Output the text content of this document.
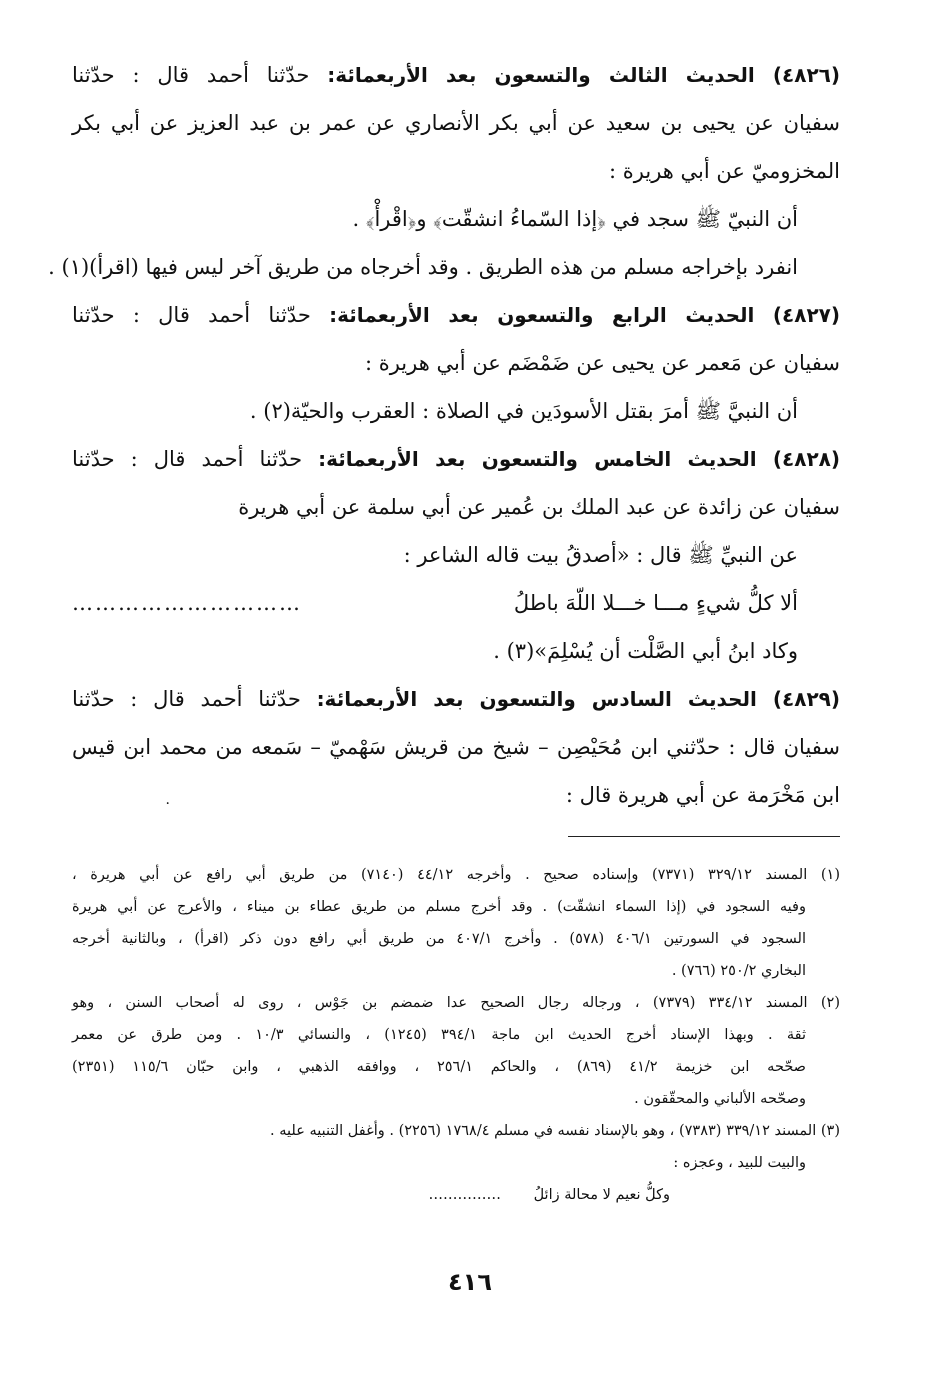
(٤٨٢٦) الحديث الثالث والتسعون بعد الأربعمائة: حدّثنا أحمد قال : حدّثنا
سفيان عن يحيى بن سعيد عن أبي بكر الأنصاري عن عمر بن عبد العزيز عن أبي بكر
المخزوميّ عن أبي هريرة :
أن النبيّ ﷺ سجد في ﴿إذا السّماءُ انشقّت﴾ و﴿اقْرأْ﴾ .
انفرد بإخراجه مسلم من هذه الطريق . وقد أخرجاه من طريق آخر ليس فيها (اقرأ)(١) .
(٤٨٢٧) الحديث الرابع والتسعون بعد الأربعمائة: حدّثنا أحمد قال : حدّثنا
سفيان عن مَعمر عن يحيى عن ضَمْضَم عن أبي هريرة :
أن النبيَّ ﷺ أمرَ بقتل الأسودَين في الصلاة : العقرب والحيّة(٢) .
(٤٨٢٨) الحديث الخامس والتسعون بعد الأربعمائة: حدّثنا أحمد قال : حدّثنا
سفيان عن زائدة عن عبد الملك بن عُمير عن أبي سلمة عن أبي هريرة
عن النبيِّ ﷺ قال : «أصدقُ بيت قاله الشاعر :
ألا كلُّ شيءٍ مـــا خـــلا اللّهَ باطلُ
…………………………
وكاد ابنُ أبي الصَّلْت أن يُسْلِمَ»(٣) .
(٤٨٢٩) الحديث السادس والتسعون بعد الأربعمائة: حدّثنا أحمد قال : حدّثنا
سفيان قال : حدّثني ابن مُحَيْصِن – شيخ من قريش سَهْميّ – سَمعه من محمد ابن قيس
ابن مَخْرَمة عن أبي هريرة قال :
(١) المسند ٣٢٩/١٢ (٧٣٧١) وإسناده صحيح . وأخرجه ٤٤/١٢ (٧١٤٠) من طريق أبي رافع عن أبي هريرة ،
وفيه السجود في (إذا السماء انشقّت) . وقد أخرج مسلم من طريق عطاء بن ميناء ، والأعرج عن أبي هريرة
السجود في السورتين ٤٠٦/١ (٥٧٨) . وأخرج ٤٠٧/١ من طريق أبي رافع دون ذكر (اقرأ) ، وبالثانية أخرجه
البخاري ٢٥٠/٢ (٧٦٦) .
(٢) المسند ٣٣٤/١٢ (٧٣٧٩) ، ورجاله رجال الصحيح عدا ضمضم بن جَوْس ، روى له أصحاب السنن ، وهو
ثقة . وبهذا الإسناد أخرج الحديث ابن ماجة ٣٩٤/١ (١٢٤٥) ، والنسائي ١٠/٣ . ومن طرق عن معمر
صحّحه ابن خزيمة ٤١/٢ (٨٦٩) ، والحاكم ٢٥٦/١ ، ووافقه الذهبي ، وابن حبّان ١١٥/٦ (٢٣٥١)
وصحّحه الألباني والمحقّقون .
(٣) المسند ٣٣٩/١٢ (٧٣٨٣) ، وهو بالإسناد نفسه في مسلم ١٧٦٨/٤ (٢٢٥٦) . وأغفل التنبيه عليه .
والبيت للبيد ، وعجزه :
وكلُّ نعيم لا محالة زائلُ ……………
·
٤١٦
